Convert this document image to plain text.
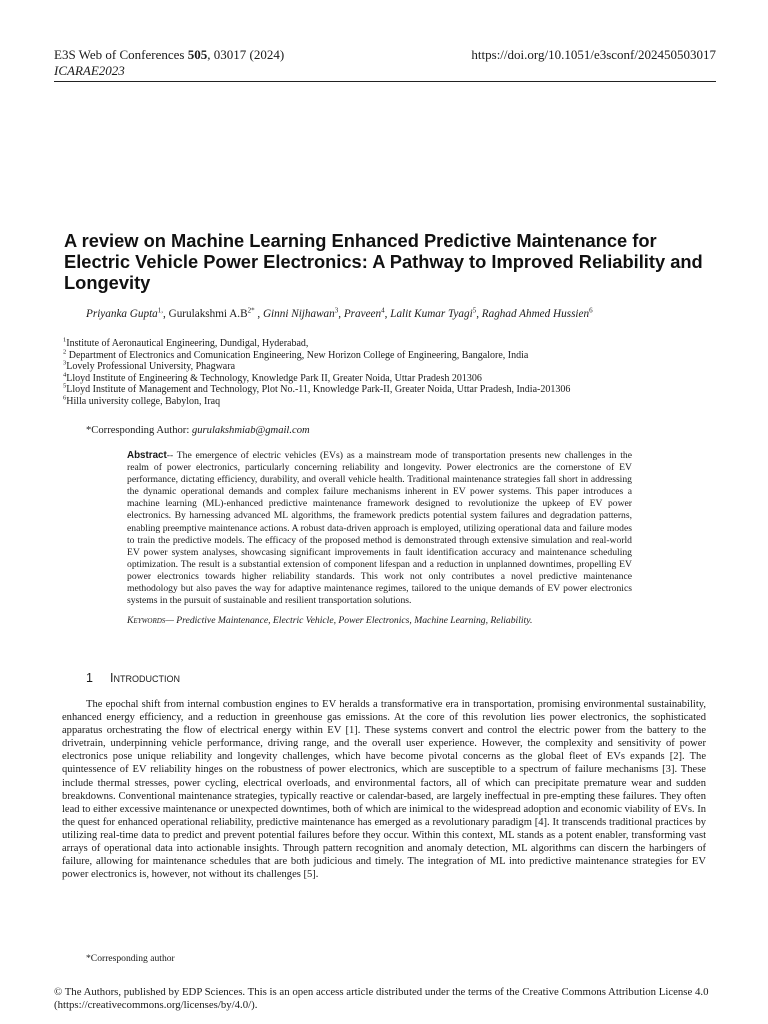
E3S Web of Conferences 505, 03017 (2024)
ICARAE2023
https://doi.org/10.1051/e3sconf/202450503017
A review on Machine Learning Enhanced Predictive Maintenance for Electric Vehicle Power Electronics: A Pathway to Improved Reliability and Longevity
Priyanka Gupta$^{1,}$, Gurulakshmi $A.B^{2*}$ , Ginni Nijhawan$^3$, Praveen$^4$, Lalit Kumar Tyagi$^5$, Raghad Ahmed Hussien$^6$
$^1$Institute of Aeronautical Engineering, Dundigal, Hyderabad,
$^2$ Department of Electronics and Comunication Engineering, New Horizon College of Engineering, Bangalore, India
$^3$Lovely Professional University, Phagwara
$^4$Lloyd Institute of Engineering & Technology, Knowledge Park II, Greater Noida, Uttar Pradesh 201306
$^5$Lloyd Institute of Management and Technology, Plot No.-11, Knowledge Park-II, Greater Noida, Uttar Pradesh, India-201306
$^6$Hilla university college, Babylon, Iraq
*Corresponding Author: gurulakshmiab@gmail.com
Abstract-- The emergence of electric vehicles (EVs) as a mainstream mode of transportation presents new challenges in the realm of power electronics, particularly concerning reliability and longevity. Power electronics are the cornerstone of EV performance, dictating efficiency, durability, and overall vehicle health. Traditional maintenance strategies fall short in addressing the dynamic operational demands and complex failure mechanisms inherent in EV power systems. This paper introduces a machine learning (ML)-enhanced predictive maintenance framework designed to revolutionize the upkeep of EV power electronics. By harnessing advanced ML algorithms, the framework predicts potential system failures and degradation patterns, enabling preemptive maintenance actions. A robust data-driven approach is employed, utilizing operational data and failure modes to train the predictive models. The efficacy of the proposed method is demonstrated through extensive simulation and real-world EV power system analyses, showcasing significant improvements in fault identification accuracy and maintenance scheduling optimization. The result is a substantial extension of component lifespan and a reduction in unplanned downtimes, propelling EV power electronics towards higher reliability standards. This work not only contributes a novel predictive maintenance methodology but also paves the way for adaptive maintenance regimes, tailored to the unique demands of EV power electronics systems in the pursuit of sustainable and resilient transportation solutions.
Keywords— Predictive Maintenance, Electric Vehicle, Power Electronics, Machine Learning, Reliability.
1 Introduction
The epochal shift from internal combustion engines to EV heralds a transformative era in transportation, promising environmental sustainability, enhanced energy efficiency, and a reduction in greenhouse gas emissions. At the core of this revolution lies power electronics, the sophisticated apparatus orchestrating the flow of electrical energy within EV [1]. These systems convert and control the electric power from the battery to the drivetrain, underpinning vehicle performance, driving range, and the overall user experience. However, the complexity and sensitivity of power electronics pose unique reliability and longevity challenges, which have become pivotal concerns as the global fleet of EVs expands [2]. The quintessence of EV reliability hinges on the robustness of power electronics, which are susceptible to a spectrum of failure mechanisms [3]. These include thermal stresses, power cycling, electrical overloads, and environmental factors, all of which can precipitate premature wear and sudden breakdowns. Conventional maintenance strategies, typically reactive or calendar-based, are largely ineffectual in pre-empting these failures. They often lead to either excessive maintenance or unexpected downtimes, both of which are inimical to the widespread adoption and economic viability of EVs. In the quest for enhanced operational reliability, predictive maintenance has emerged as a revolutionary paradigm [4]. It transcends traditional practices by utilizing real-time data to predict and prevent potential failures before they occur. Within this context, ML stands as a potent enabler, transforming vast arrays of operational data into actionable insights. Through pattern recognition and anomaly detection, ML algorithms can discern the harbingers of failure, allowing for maintenance schedules that are both judicious and timely. The integration of ML into predictive maintenance strategies for EV power electronics is, however, not without its challenges [5].
*Corresponding author
© The Authors, published by EDP Sciences. This is an open access article distributed under the terms of the Creative Commons Attribution License 4.0 (https://creativecommons.org/licenses/by/4.0/).
